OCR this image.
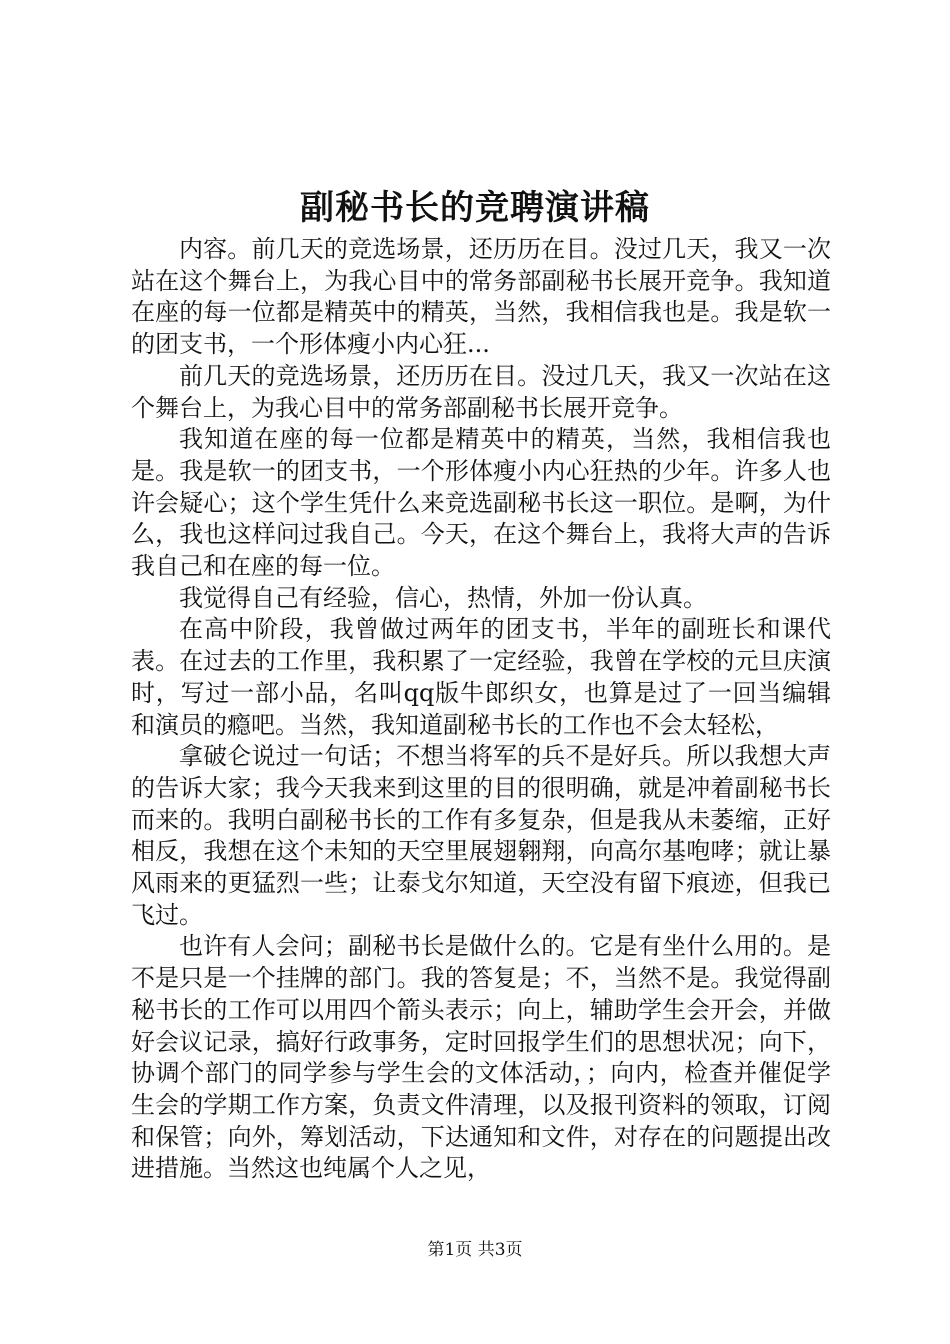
副秘书长的竞聘演讲稿

内容。前几天的竞选场景，还历历在目。没过几天，我又一次站在这个舞台上，为我心目中的常务部副秘书长展开竞争。我知道在座的每一位都是精英中的精英，当然，我相信我也是。我是软一的团支书，一个形体瘦小内心狂...

前几天的竞选场景，还历历在目。没过几天，我又一次站在这个舞台上，为我心目中的常务部副秘书长展开竞争。

我知道在座的每一位都是精英中的精英，当然，我相信我也是。我是软一的团支书，一个形体瘦小内心狂热的少年。许多人也许会疑心；这个学生凭什么来竞选副秘书长这一职位。是啊，为什么，我也这样问过我自己。今天，在这个舞台上，我将大声的告诉我自己和在座的每一位。

我觉得自己有经验，信心，热情，外加一份认真。

在高中阶段，我曾做过两年的团支书，半年的副班长和课代表。在过去的工作里，我积累了一定经验，我曾在学校的元旦庆演时，写过一部小品，名叫qq版牛郎织女，也算是过了一回当编辑和演员的瘾吧。当然，我知道副秘书长的工作也不会太轻松，

拿破仑说过一句话；不想当将军的兵不是好兵。所以我想大声的告诉大家；我今天我来到这里的目的很明确，就是冲着副秘书长而来的。我明白副秘书长的工作有多复杂，但是我从未萎缩，正好相反，我想在这个未知的天空里展翅翱翔，向高尔基咆哮；就让暴风雨来的更猛烈一些；让泰戈尔知道，天空没有留下痕迹，但我已飞过。

也许有人会问；副秘书长是做什么的。它是有坐什么用的。是不是只是一个挂牌的部门。我的答复是；不，当然不是。我觉得副秘书长的工作可以用四个箭头表示；向上，辅助学生会开会，并做好会议记录，搞好行政事务，定时回报学生们的思想状况；向下，协调个部门的同学参与学生会的文体活动，；向内，检查并催促学生会的学期工作方案，负责文件清理，以及报刊资料的领取，订阅和保管；向外，筹划活动，下达通知和文件，对存在的问题提出改进措施。当然这也纯属个人之见，

第1页 共3页
